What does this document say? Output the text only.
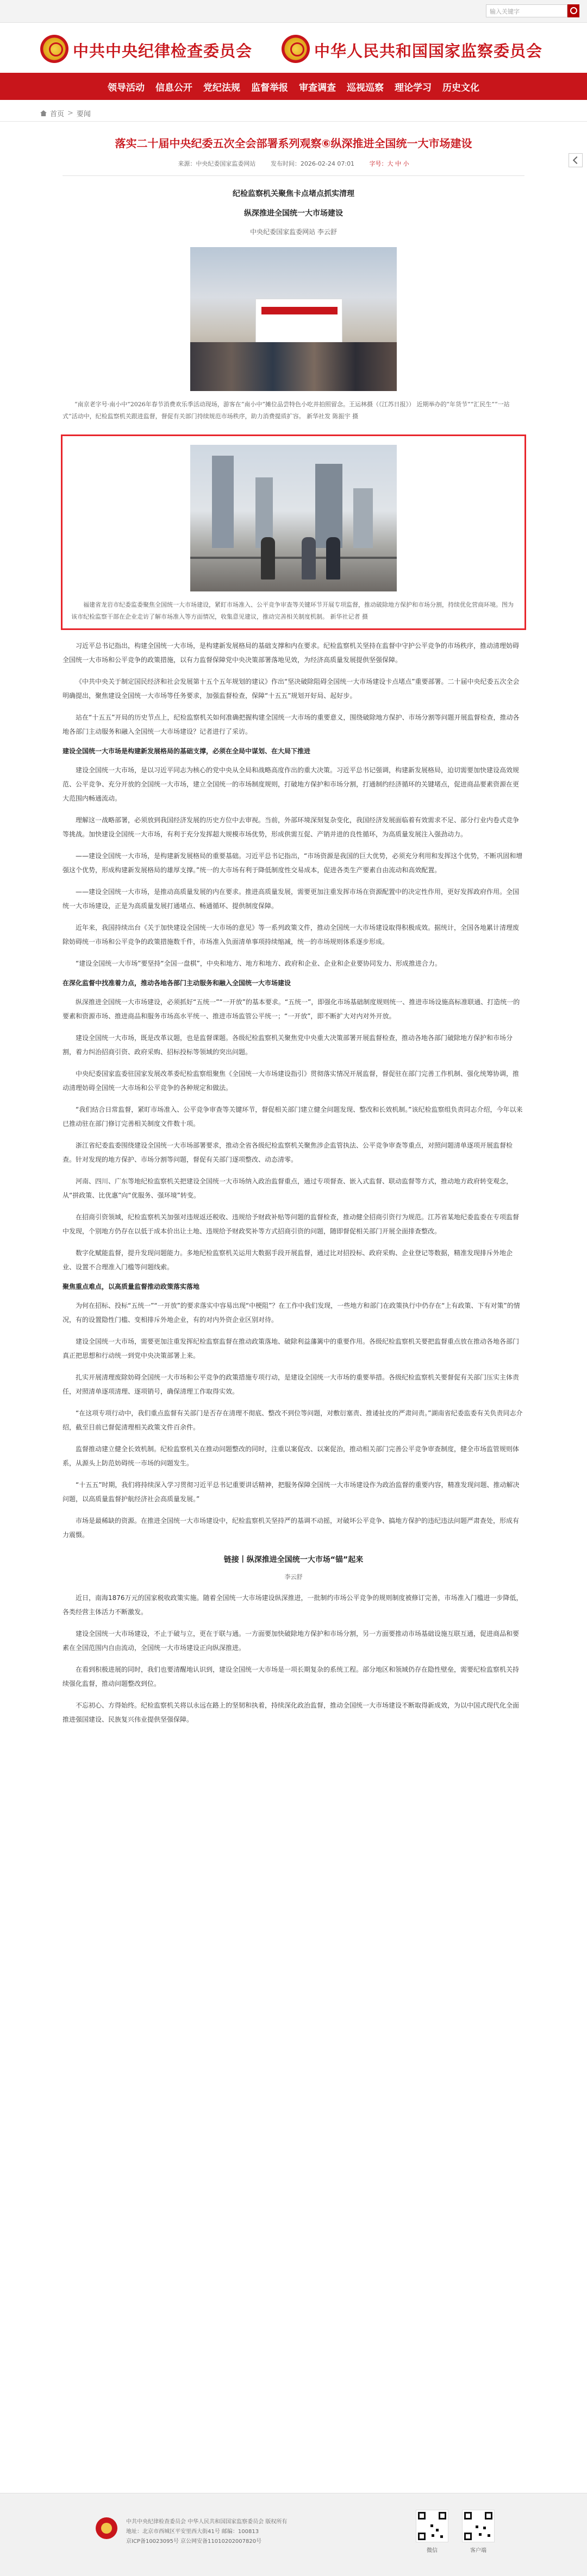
输入关键字
中共中央纪律检查委员会	中华人民共和国国家监察委员会
领导活动 信息公开 党纪法规 监督举报 审查调查 巡视巡察 理论学习 历史文化
首页 > 要闻
落实二十届中央纪委五次全会部署系列观察⑥纵深推进全国统一大市场建设
来源：中央纪委国家监委网站	发布时间：2026-02-24 07:01	字号：大 中 小
纪检监察机关聚焦卡点堵点抓实清理
纵深推进全国统一大市场建设
中央纪委国家监委网站 李云舒

“南京老字号·南小中”2026年春节消费欢乐季活动现场，游客在“南小中”摊位品尝特色小吃并拍照留念。王运林摄（《江苏日报》） 近期举办的“年货节”“汇民生”“一站式”活动中，纪检监察机关跟进监督，督促有关部门持续规范市场秩序，助力消费提质扩容。 新华社发 陈振宇 摄

福建省龙岩市纪委监委聚焦全国统一大市场建设，紧盯市场准入、公平竞争审查等关键环节开展专项监督，推动破除地方保护和市场分割，持续优化营商环境。图为该市纪检监察干部在企业走访了解市场准入等方面情况，收集意见建议，推动完善相关制度机制。 新华社记者 摄

习近平总书记指出，构建全国统一大市场，是构建新发展格局的基础支撑和内在要求。纪检监察机关坚持在监督中守护公平竞争的市场秩序，推动清理妨碍全国统一大市场和公平竞争的政策措施，以有力监督保障党中央决策部署落地见效，为经济高质量发展提供坚强保障。

《中共中央关于制定国民经济和社会发展第十五个五年规划的建议》作出“坚决破除阻碍全国统一大市场建设卡点堵点”重要部署。二十届中央纪委五次全会明确提出，聚焦建设全国统一大市场等任务要求，加强监督检查，保障“十五五”规划开好局、起好步。

站在“十五五”开局的历史节点上，纪检监察机关如何准确把握构建全国统一大市场的重要意义，围绕破除地方保护、市场分割等问题开展监督检查，推动各地各部门主动服务和融入全国统一大市场建设？记者进行了采访。

建设全国统一大市场是构建新发展格局的基础支撑，必须在全局中谋划、在大局下推进

建设全国统一大市场，是以习近平同志为核心的党中央从全局和战略高度作出的重大决策。习近平总书记强调，构建新发展格局，迫切需要加快建设高效规范、公平竞争、充分开放的全国统一大市场，建立全国统一的市场制度规则，打破地方保护和市场分割，打通制约经济循环的关键堵点，促进商品要素资源在更大范围内畅通流动。

理解这一战略部署，必须放到我国经济发展的历史方位中去审视。当前，外部环境深刻复杂变化，我国经济发展面临着有效需求不足、部分行业内卷式竞争等挑战。加快建设全国统一大市场，有利于充分发挥超大规模市场优势，形成供需互促、产销并进的良性循环，为高质量发展注入强劲动力。

——建设全国统一大市场，是构建新发展格局的重要基础。习近平总书记指出，“市场资源是我国的巨大优势，必须充分利用和发挥这个优势，不断巩固和增强这个优势，形成构建新发展格局的雄厚支撑。”统一的大市场有利于降低制度性交易成本，促进各类生产要素自由流动和高效配置。

——建设全国统一大市场，是推动高质量发展的内在要求。推进高质量发展，需要更加注重发挥市场在资源配置中的决定性作用，更好发挥政府作用。全国统一大市场建设，正是为高质量发展打通堵点、畅通循环、提供制度保障。

近年来，我国持续出台《关于加快建设全国统一大市场的意见》等一系列政策文件，推动全国统一大市场建设取得积极成效。据统计，全国各地累计清理废除妨碍统一市场和公平竞争的政策措施数千件，市场准入负面清单事项持续缩减，统一的市场规则体系逐步形成。

“建设全国统一大市场”要坚持“全国一盘棋”，中央和地方、地方和地方、政府和企业、企业和企业要协同发力、形成推进合力。

在深化监督中找准着力点，推动各地各部门主动服务和融入全国统一大市场建设

纵深推进全国统一大市场建设，必须抓好“五统一”“一开放”的基本要求。“五统一”，即强化市场基础制度规则统一、推进市场设施高标准联通、打造统一的要素和资源市场、推进商品和服务市场高水平统一、推进市场监管公平统一；“一开放”，即不断扩大对内对外开放。

建设全国统一大市场，既是改革议题，也是监督课题。各级纪检监察机关聚焦党中央重大决策部署开展监督检查，推动各地各部门破除地方保护和市场分割，着力纠治招商引资、政府采购、招标投标等领域的突出问题。

中央纪委国家监委驻国家发展改革委纪检监察组聚焦《全国统一大市场建设指引》贯彻落实情况开展监督，督促驻在部门完善工作机制、强化统筹协调，推动清理妨碍全国统一大市场和公平竞争的各种规定和做法。

“我们结合日常监督，紧盯市场准入、公平竞争审查等关键环节，督促相关部门建立健全问题发现、整改和长效机制。”该纪检监察组负责同志介绍，今年以来已推动驻在部门修订完善相关制度文件数十项。

浙江省纪委监委围绕建设全国统一大市场部署要求，推动全省各级纪检监察机关聚焦涉企监管执法、公平竞争审查等重点，对照问题清单逐项开展监督检查。针对发现的地方保护、市场分割等问题，督促有关部门逐项整改、动态清零。

河南、四川、广东等地纪检监察机关把建设全国统一大市场纳入政治监督重点，通过专项督查、嵌入式监督、联动监督等方式，推动地方政府转变观念，从“拼政策、比优惠”向“优服务、强环境”转变。

在招商引资领域，纪检监察机关加强对违规返还税收、违规给予财政补贴等问题的监督检查，推动健全招商引资行为规范。江苏省某地纪委监委在专项监督中发现，个别地方仍存在以低于成本价出让土地、违规给予财政奖补等方式招商引资的问题，随即督促相关部门开展全面排查整改。

数字化赋能监督，提升发现问题能力。多地纪检监察机关运用大数据手段开展监督，通过比对招投标、政府采购、企业登记等数据，精准发现排斥外地企业、设置不合理准入门槛等问题线索。

聚焦重点难点，以高质量监督推动政策落实落地

为何在招标、投标“五统一”“一开放”的要求落实中容易出现“中梗阻”？在工作中我们发现，一些地方和部门在政策执行中仍存在“上有政策、下有对策”的情况，有的设置隐性门槛、变相排斥外地企业，有的对内外资企业区别对待。

建设全国统一大市场，需要更加注重发挥纪检监察监督在推动政策落地、破除利益藩篱中的重要作用。各级纪检监察机关要把监督重点放在推动各地各部门真正把思想和行动统一到党中央决策部署上来。

扎实开展清理废除妨碍全国统一大市场和公平竞争的政策措施专项行动，是建设全国统一大市场的重要举措。各级纪检监察机关要督促有关部门压实主体责任，对照清单逐项清理、逐项销号，确保清理工作取得实效。

“在这项专项行动中，我们重点监督有关部门是否存在清理不彻底、整改不到位等问题，对敷衍塞责、推诿扯皮的严肃问责。”湖南省纪委监委有关负责同志介绍，截至目前已督促清理相关政策文件百余件。

监督推动建立健全长效机制。纪检监察机关在推动问题整改的同时，注重以案促改、以案促治，推动相关部门完善公平竞争审查制度，健全市场监管规则体系，从源头上防范妨碍统一市场的问题发生。

“十五五”时期，我们将持续深入学习贯彻习近平总书记重要讲话精神，把服务保障全国统一大市场建设作为政治监督的重要内容，精准发现问题、推动解决问题，以高质量监督护航经济社会高质量发展。”

市场是最稀缺的资源。在推进全国统一大市场建设中，纪检监察机关坚持严的基调不动摇，对破坏公平竞争、搞地方保护的违纪违法问题严肃查处，形成有力震慑。

链接丨纵深推进全国统一大市场“锚”起来
李云舒

近日，南海1876万元的国家税收政策实施。随着全国统一大市场建设纵深推进，一批制约市场公平竞争的规则制度被修订完善，市场准入门槛进一步降低，各类经营主体活力不断激发。

建设全国统一大市场建设，不止于破与立，更在于联与通。一方面要加快破除地方保护和市场分割，另一方面要推动市场基础设施互联互通，促进商品和要素在全国范围内自由流动，全国统一大市场建设正向纵深推进。

在看到积极进展的同时，我们也要清醒地认识到，建设全国统一大市场是一项长期复杂的系统工程。部分地区和领域仍存在隐性壁垒，需要纪检监察机关持续强化监督，推动问题整改到位。

不忘初心、方得始终。纪检监察机关将以永远在路上的坚韧和执着，持续深化政治监督，推动全国统一大市场建设不断取得新成效，为以中国式现代化全面推进强国建设、民族复兴伟业提供坚强保障。

中共中央纪律检查委员会 中华人民共和国国家监察委员会 版权所有
地址：北京市西城区平安里西大街41号 邮编：100813
京ICP备10023095号 京公网安备11010202007820号
微信	客户端
